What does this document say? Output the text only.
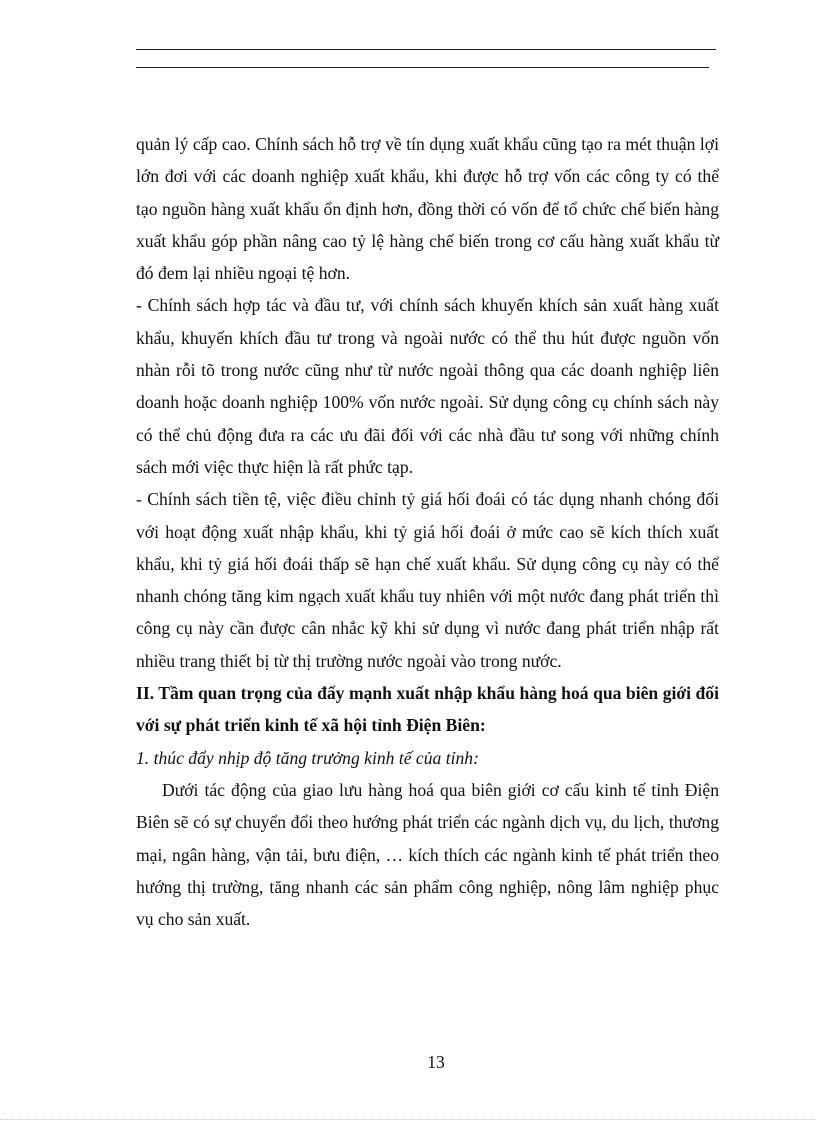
quản lý cấp cao. Chính sách hỗ trợ về tín dụng xuất khẩu cũng tạo ra mét thuận lợi lớn đơi với các doanh nghiệp xuất khẩu, khi được hỗ trợ vốn các công ty có thể tạo nguồn hàng xuất khẩu ổn định hơn, đồng thời có vốn để tổ chức chế biến hàng xuất khẩu góp phần nâng cao tỷ lệ hàng chế biến trong cơ cấu hàng xuất khẩu từ đó đem lại nhiều ngoại tệ hơn.

- Chính sách hợp tác và đầu tư, với chính sách khuyến khích sản xuất hàng xuất khẩu, khuyến khích đầu tư trong và ngoài nước có thể thu hút được nguồn vốn nhàn rỗi tõ trong nước cũng như từ nước ngoài thông qua các doanh nghiệp liên doanh hoặc doanh nghiệp 100% vốn nước ngoài. Sử dụng công cụ chính sách này có thể chủ động đưa ra các ưu đãi đối với các nhà đầu tư song với những chính sách mới việc thực hiện là rất phức tạp.

- Chính sách tiền tệ, việc điều chỉnh tỷ giá hối đoái có tác dụng nhanh chóng đối với hoạt động xuất nhập khẩu, khi tỷ giá hối đoái ở mức cao sẽ kích thích xuất khẩu, khi tỷ giá hối đoái thấp sẽ hạn chế xuất khẩu. Sử dụng công cụ này có thể nhanh chóng tăng kim ngạch xuất khẩu tuy nhiên với một nước đang phát triển thì công cụ này cần được cân nhắc kỹ khi sử dụng vì nước đang phát triển nhập rất nhiều trang thiết bị từ thị trường nước ngoài vào trong nước.

II. Tầm quan trọng của đẩy mạnh xuất nhập khẩu hàng hoá qua biên giới đối với sự phát triển kinh tế xã hội tỉnh Điện Biên:

1. thúc đẩy nhịp độ tăng trưởng kinh tế của tỉnh:

Dưới tác động của giao lưu hàng hoá qua biên giới cơ cấu kinh tế tỉnh Điện Biên sẽ có sự chuyển đổi theo hướng phát triển các ngành dịch vụ, du lịch, thương mại, ngân hàng, vận tải, bưu điện, … kích thích các ngành kinh tế phát triển theo hướng thị trường, tăng nhanh các sản phẩm công nghiệp, nông lâm nghiệp phục vụ cho sản xuất.

13
